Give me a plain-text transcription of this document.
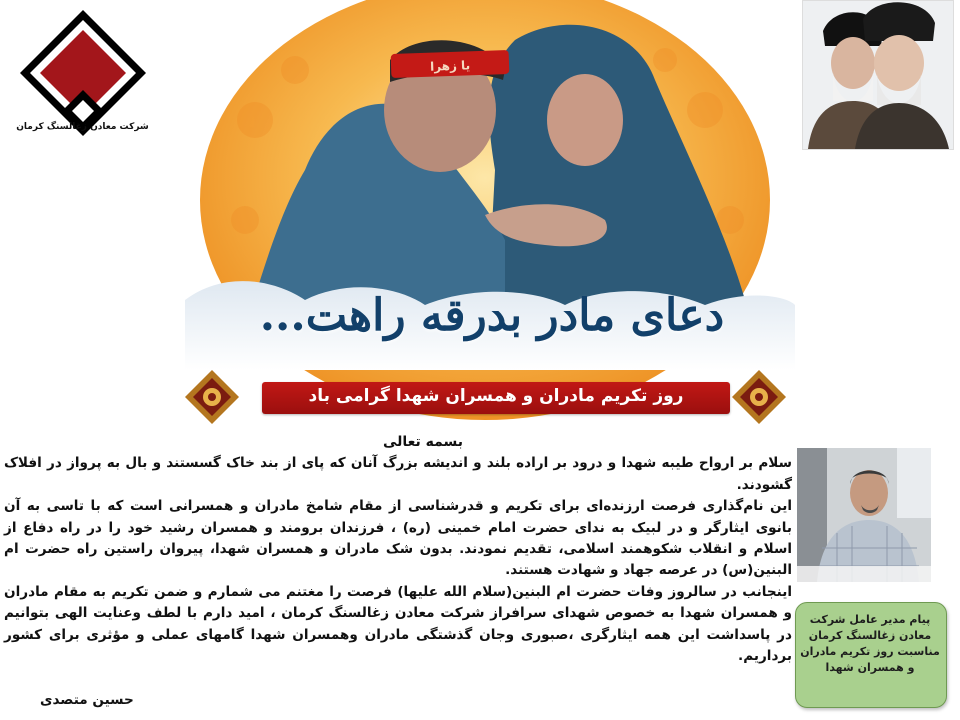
شرکت معادن زغالسنگ کرمان
یا زهرا
دعای مادر بدرقه راهت...
روز تکریم مادران و همسران شهدا گرامی باد

بسمه تعالی

سلام بر ارواح طیبه شهدا و درود بر اراده بلند و اندیشه بزرگ آنان که پای از بند خاک گسستند و بال به پرواز در افلاک گشودند.

این نام‌گذاری فرصت ارزنده‌ای برای تکریم و قدرشناسی از مقام شامخ مادران و همسرانی است که با تاسی به آن بانوی ایثارگر و در لبیک به ندای حضرت امام خمینی (ره) ، فرزندان برومند و همسران رشید خود را در راه دفاع از اسلام و انقلاب شکوهمند اسلامی، تقدیم نمودند. بدون شک مادران و همسران شهدا، پیروان راستین راه حضرت ام البنین(س) در عرصه جهاد و شهادت هستند.

اینجانب در سالروز وفات حضرت ام البنین(سلام الله علیها) فرصت را مغتنم می شمارم و ضمن تکریم به مقام مادران و همسران شهدا به خصوص شهدای سرافراز شرکت معادن زغالسنگ کرمان ، امید دارم با لطف وعنایت الهی بتوانیم در پاسداشت این همه ایثارگری ،صبوری وجان گذشتگی مادران وهمسران شهدا گامهای عملی و مؤثری برای کشور برداریم.

حسین متصدی
پیام مدیر عامل شرکت معادن زغالسنگ کرمان مناسبت روز تکریم مادران و همسران شهدا
